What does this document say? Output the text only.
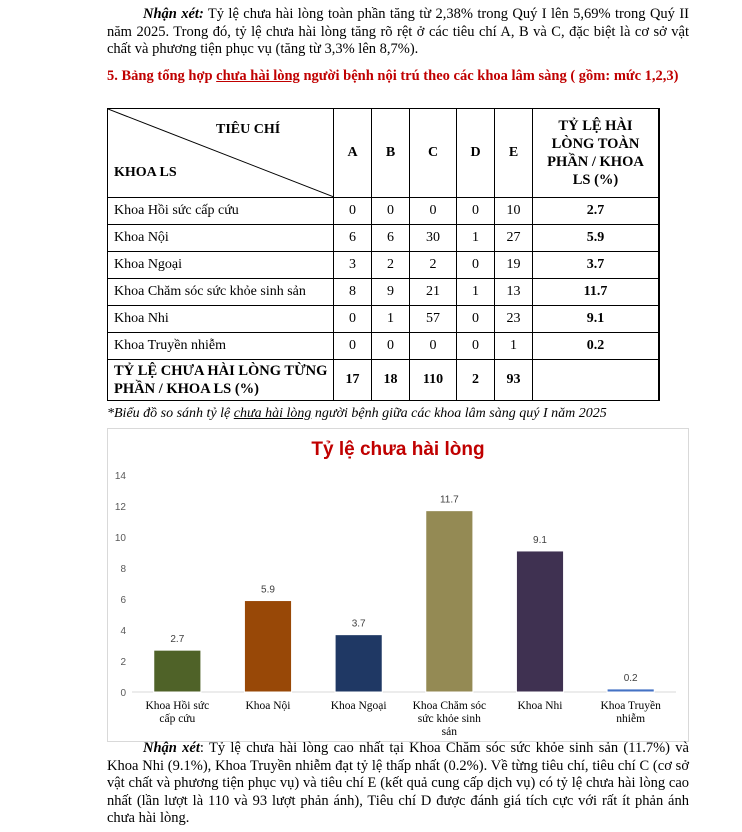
Nhận xét: Tỷ lệ chưa hài lòng toàn phần tăng từ 2,38% trong Quý I lên 5,69% trong Quý II năm 2025. Trong đó, tỷ lệ chưa hài lòng tăng rõ rệt ở các tiêu chí A, B và C, đặc biệt là cơ sở vật chất và phương tiện phục vụ (tăng từ 3,3% lên 8,7%).

5. Bảng tổng hợp chưa hài lòng người bệnh nội trú theo các khoa lâm sàng ( gồm: mức 1,2,3)

TIÊU CHÍ
KHOA LS	A	B	C	D	E	TỶ LỆ HÀI LÒNG TOÀN PHẦN / KHOA LS (%)
Khoa Hồi sức cấp cứu	0	0	0	0	10	2.7
Khoa Nội	6	6	30	1	27	5.9
Khoa Ngoại	3	2	2	0	19	3.7
Khoa Chăm sóc sức khỏe sinh sản	8	9	21	1	13	11.7
Khoa Nhi	0	1	57	0	23	9.1
Khoa Truyền nhiễm	0	0	0	0	1	0.2
TỶ LỆ CHƯA HÀI LÒNG TỪNG PHẦN / KHOA LS (%)	17	18	110	2	93	
*Biểu đồ so sánh tỷ lệ chưa hài lòng người bệnh giữa các khoa lâm sàng quý I năm 2025
Tỷ lệ chưa hài lòng
0
2
4
6
8
10
12
14
2.7
5.9
3.7
11.7
9.1
0.2
Khoa Hồi sức
cấp cứu
Khoa Nội	Khoa Ngoại	Khoa Chăm sóc
sức khỏe sinh sản
Khoa Nhi	Khoa Truyền
nhiễm

Nhận xét: Tỷ lệ chưa hài lòng cao nhất tại Khoa Chăm sóc sức khỏe sinh sản (11.7%) và Khoa Nhi (9.1%), Khoa Truyền nhiễm đạt tỷ lệ thấp nhất (0.2%). Về từng tiêu chí, tiêu chí C (cơ sở vật chất và phương tiện phục vụ) và tiêu chí E (kết quả cung cấp dịch vụ) có tỷ lệ chưa hài lòng cao nhất (lần lượt là 110 và 93 lượt phản ánh), Tiêu chí D được đánh giá tích cực với rất ít phản ánh chưa hài lòng.
